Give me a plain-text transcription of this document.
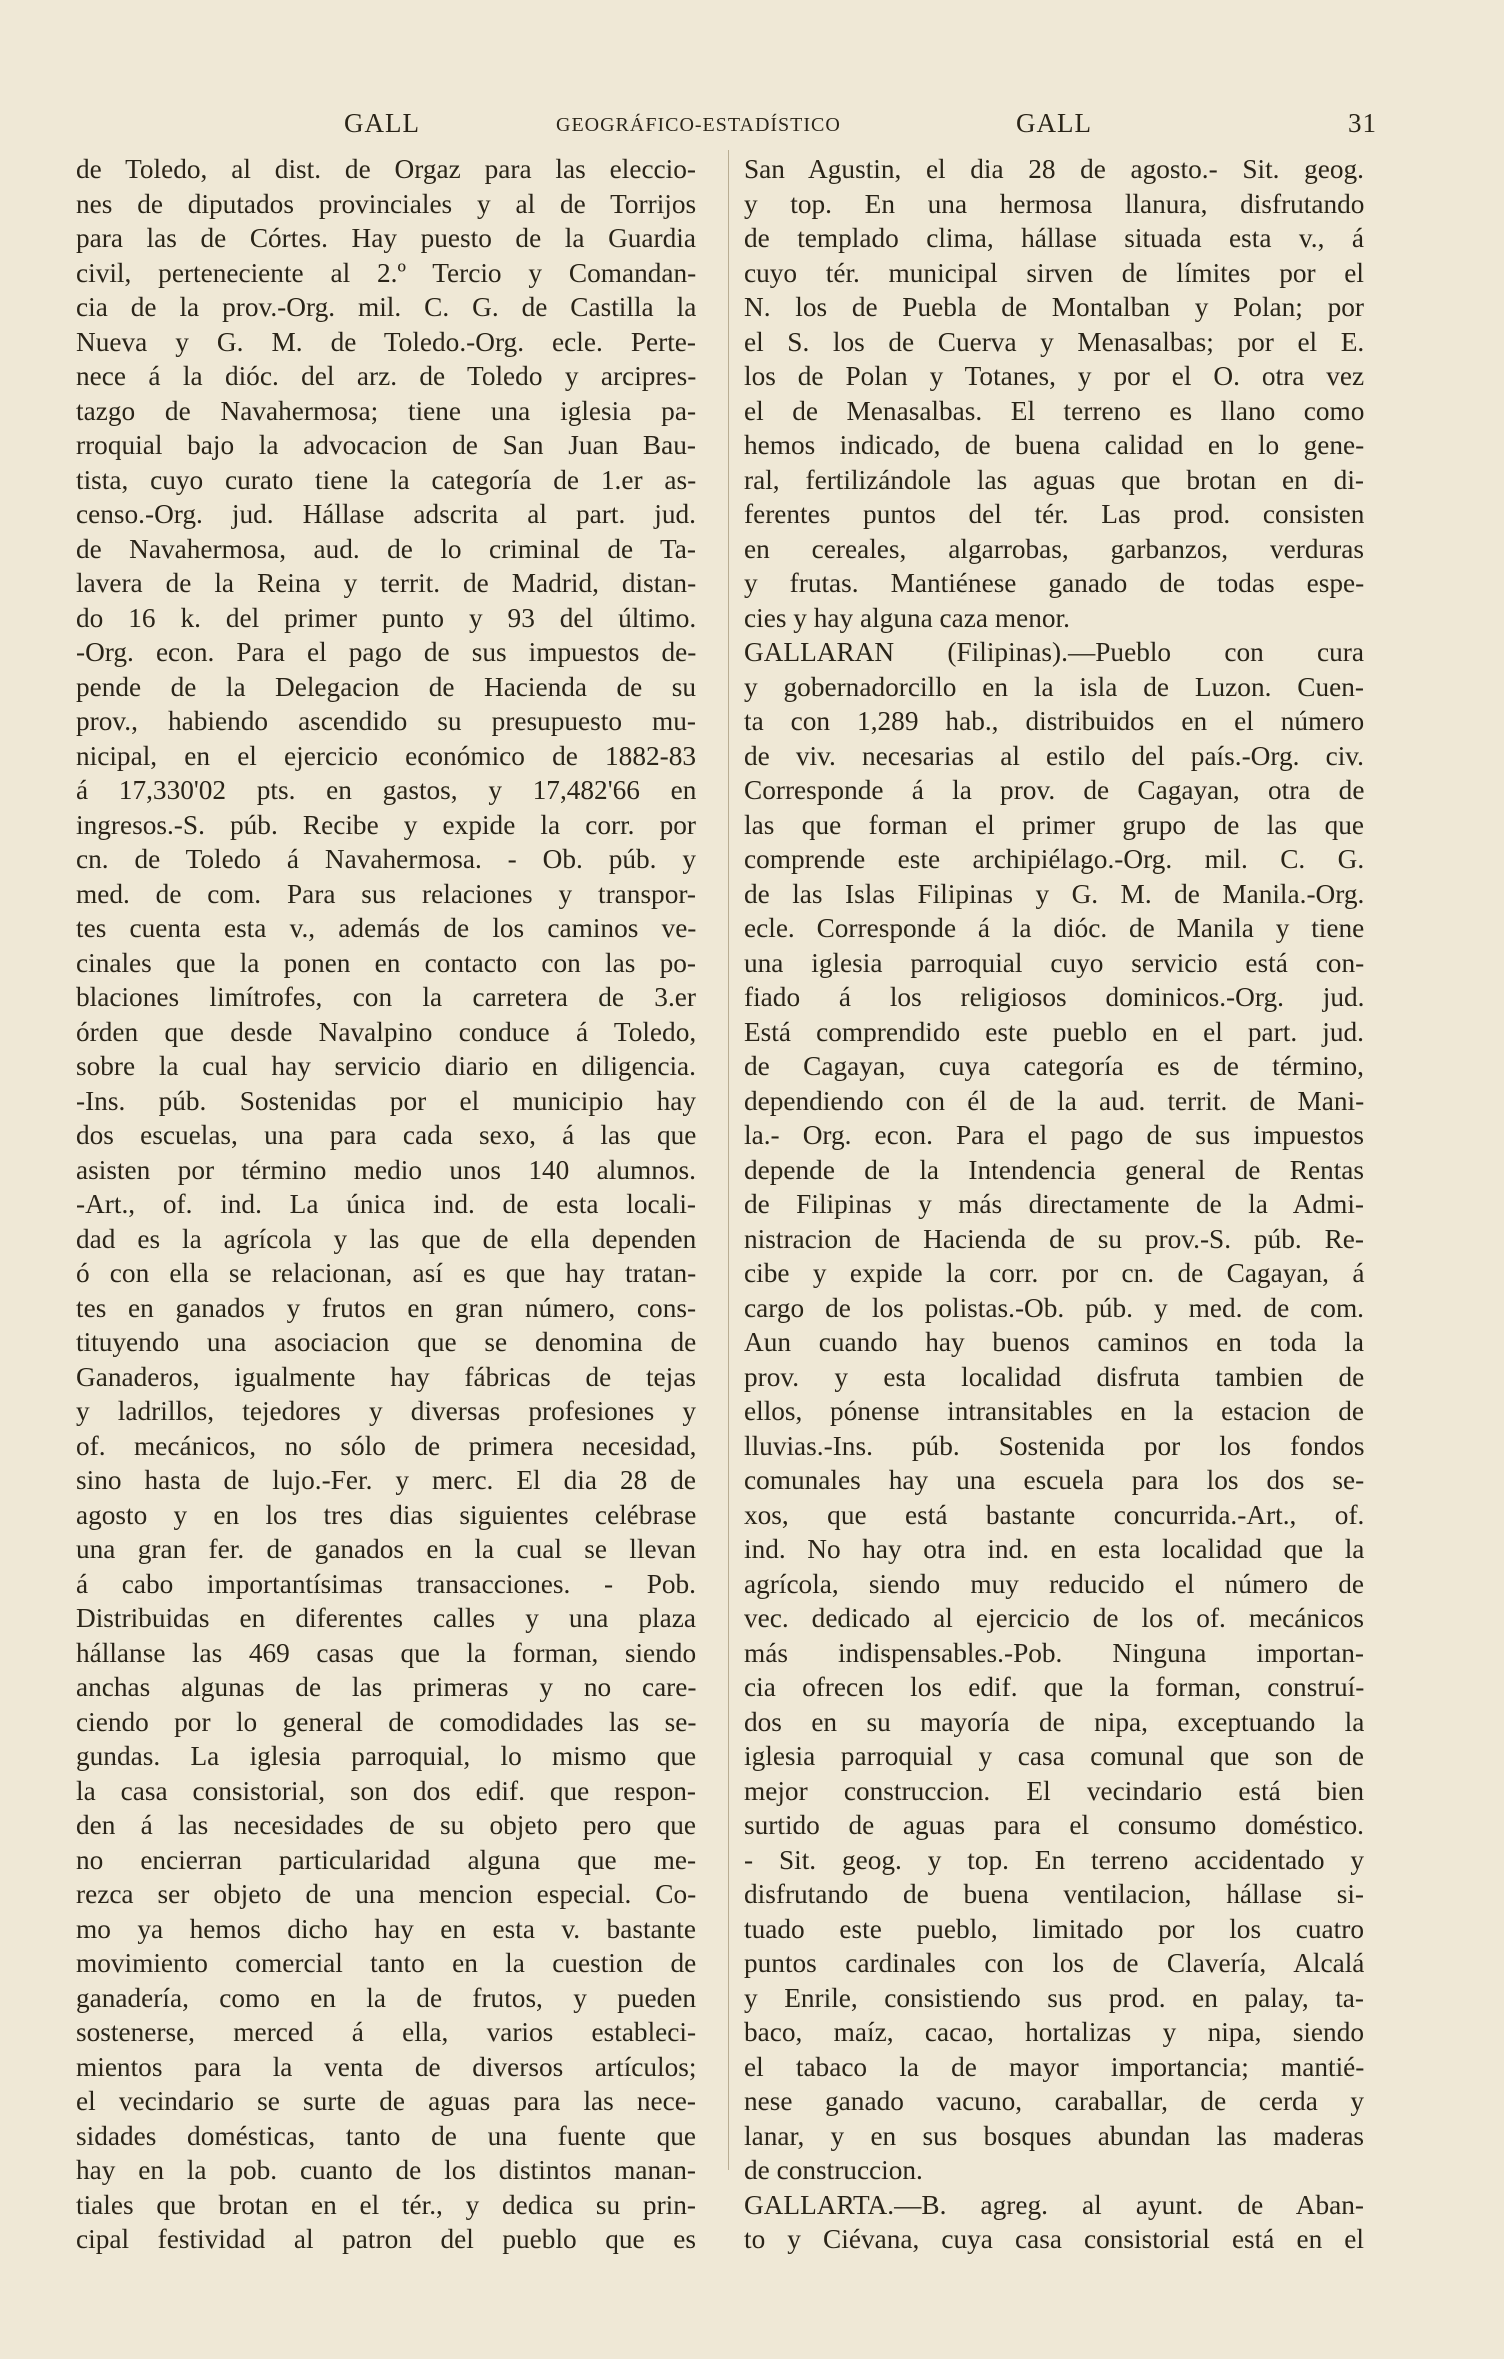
GALL	GEOGRÁFICO-ESTADÍSTICO	GALL	31
de Toledo, al dist. de Orgaz para las eleccio-
nes de diputados provinciales y al de Torrijos
para las de Córtes. Hay puesto de la Guardia
civil, perteneciente al 2.º Tercio y Comandan-
cia de la prov.-Org. mil. C. G. de Castilla la
Nueva y G. M. de Toledo.-Org. ecle. Perte-
nece á la dióc. del arz. de Toledo y arcipres-
tazgo de Navahermosa; tiene una iglesia pa-
rroquial bajo la advocacion de San Juan Bau-
tista, cuyo curato tiene la categoría de 1.er as-
censo.-Org. jud. Hállase adscrita al part. jud.
de Navahermosa, aud. de lo criminal de Ta-
lavera de la Reina y territ. de Madrid, distan-
do 16 k. del primer punto y 93 del último.
-Org. econ. Para el pago de sus impuestos de-
pende de la Delegacion de Hacienda de su
prov., habiendo ascendido su presupuesto mu-
nicipal, en el ejercicio económico de 1882-83
á 17,330'02 pts. en gastos, y 17,482'66 en
ingresos.-S. púb. Recibe y expide la corr. por
cn. de Toledo á Navahermosa. - Ob. púb. y
med. de com. Para sus relaciones y transpor-
tes cuenta esta v., además de los caminos ve-
cinales que la ponen en contacto con las po-
blaciones limítrofes, con la carretera de 3.er
órden que desde Navalpino conduce á Toledo,
sobre la cual hay servicio diario en diligencia.
-Ins. púb. Sostenidas por el municipio hay
dos escuelas, una para cada sexo, á las que
asisten por término medio unos 140 alumnos.
-Art., of. ind. La única ind. de esta locali-
dad es la agrícola y las que de ella dependen
ó con ella se relacionan, así es que hay tratan-
tes en ganados y frutos en gran número, cons-
tituyendo una asociacion que se denomina de
Ganaderos, igualmente hay fábricas de tejas
y ladrillos, tejedores y diversas profesiones y
of. mecánicos, no sólo de primera necesidad,
sino hasta de lujo.-Fer. y merc. El dia 28 de
agosto y en los tres dias siguientes celébrase
una gran fer. de ganados en la cual se llevan
á cabo importantísimas transacciones. - Pob.
Distribuidas en diferentes calles y una plaza
hállanse las 469 casas que la forman, siendo
anchas algunas de las primeras y no care-
ciendo por lo general de comodidades las se-
gundas. La iglesia parroquial, lo mismo que
la casa consistorial, son dos edif. que respon-
den á las necesidades de su objeto pero que
no encierran particularidad alguna que me-
rezca ser objeto de una mencion especial. Co-
mo ya hemos dicho hay en esta v. bastante
movimiento comercial tanto en la cuestion de
ganadería, como en la de frutos, y pueden
sostenerse, merced á ella, varios estableci-
mientos para la venta de diversos artículos;
el vecindario se surte de aguas para las nece-
sidades domésticas, tanto de una fuente que
hay en la pob. cuanto de los distintos manan-
tiales que brotan en el tér., y dedica su prin-
cipal festividad al patron del pueblo que es
San Agustin, el dia 28 de agosto.- Sit. geog.
y top. En una hermosa llanura, disfrutando
de templado clima, hállase situada esta v., á
cuyo tér. municipal sirven de límites por el
N. los de Puebla de Montalban y Polan; por
el S. los de Cuerva y Menasalbas; por el E.
los de Polan y Totanes, y por el O. otra vez
el de Menasalbas. El terreno es llano como
hemos indicado, de buena calidad en lo gene-
ral, fertilizándole las aguas que brotan en di-
ferentes puntos del tér. Las prod. consisten
en cereales, algarrobas, garbanzos, verduras
y frutas. Mantiénese ganado de todas espe-
cies y hay alguna caza menor.
GALLARAN (Filipinas).—Pueblo con cura
y gobernadorcillo en la isla de Luzon. Cuen-
ta con 1,289 hab., distribuidos en el número
de viv. necesarias al estilo del país.-Org. civ.
Corresponde á la prov. de Cagayan, otra de
las que forman el primer grupo de las que
comprende este archipiélago.-Org. mil. C. G.
de las Islas Filipinas y G. M. de Manila.-Org.
ecle. Corresponde á la dióc. de Manila y tiene
una iglesia parroquial cuyo servicio está con-
fiado á los religiosos dominicos.-Org. jud.
Está comprendido este pueblo en el part. jud.
de Cagayan, cuya categoría es de término,
dependiendo con él de la aud. territ. de Mani-
la.- Org. econ. Para el pago de sus impuestos
depende de la Intendencia general de Rentas
de Filipinas y más directamente de la Admi-
nistracion de Hacienda de su prov.-S. púb. Re-
cibe y expide la corr. por cn. de Cagayan, á
cargo de los polistas.-Ob. púb. y med. de com.
Aun cuando hay buenos caminos en toda la
prov. y esta localidad disfruta tambien de
ellos, pónense intransitables en la estacion de
lluvias.-Ins. púb. Sostenida por los fondos
comunales hay una escuela para los dos se-
xos, que está bastante concurrida.-Art., of.
ind. No hay otra ind. en esta localidad que la
agrícola, siendo muy reducido el número de
vec. dedicado al ejercicio de los of. mecánicos
más indispensables.-Pob. Ninguna importan-
cia ofrecen los edif. que la forman, construí-
dos en su mayoría de nipa, exceptuando la
iglesia parroquial y casa comunal que son de
mejor construccion. El vecindario está bien
surtido de aguas para el consumo doméstico.
- Sit. geog. y top. En terreno accidentado y
disfrutando de buena ventilacion, hállase si-
tuado este pueblo, limitado por los cuatro
puntos cardinales con los de Clavería, Alcalá
y Enrile, consistiendo sus prod. en palay, ta-
baco, maíz, cacao, hortalizas y nipa, siendo
el tabaco la de mayor importancia; mantié-
nese ganado vacuno, caraballar, de cerda y
lanar, y en sus bosques abundan las maderas
de construccion.
GALLARTA.—B. agreg. al ayunt. de Aban-
to y Ciévana, cuya casa consistorial está en el
